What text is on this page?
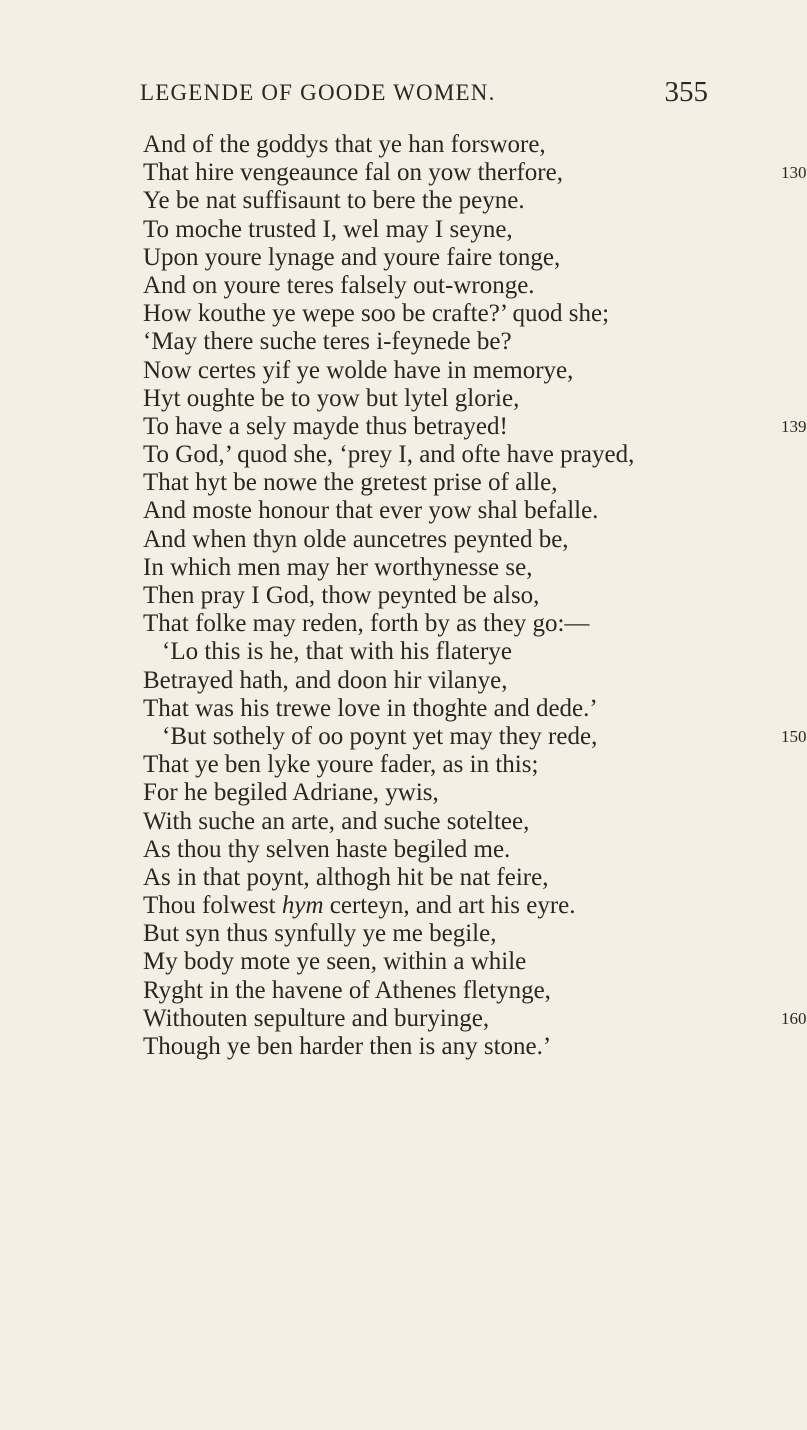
LEGENDE OF GOODE WOMEN.	355
And of the goddys that ye han forswore,
That hire vengeaunce fal on yow therfore,	130
Ye be nat suffisaunt to bere the peyne.
To moche trusted I, wel may I seyne,
Upon youre lynage and youre faire tonge,
And on youre teres falsely out-wronge.
How kouthe ye wepe soo be crafte?’ quod she;
‘May there suche teres i-feynede be?
Now certes yif ye wolde have in memorye,
Hyt oughte be to yow but lytel glorie,
To have a sely mayde thus betrayed!	139
To God,’ quod she, ‘prey I, and ofte have prayed,
That hyt be nowe the gretest prise of alle,
And moste honour that ever yow shal befalle.
And when thyn olde auncetres peynted be,
In which men may her worthynesse se,
Then pray I God, thow peynted be also,
That folke may reden, forth by as they go:—
‘Lo this is he, that with his flaterye
Betrayed hath, and doon hir vilanye,
That was his trewe love in thoghte and dede.’
‘But sothely of oo poynt yet may they rede,	150
That ye ben lyke youre fader, as in this;
For he begiled Adriane, ywis,
With suche an arte, and suche soteltee,
As thou thy selven haste begiled me.
As in that poynt, althogh hit be nat feire,
Thou folwest hym certeyn, and art his eyre.
But syn thus synfully ye me begile,
My body mote ye seen, within a while
Ryght in the havene of Athenes fletynge,
Withouten sepulture and buryinge,	160
Though ye ben harder then is any stone.’
